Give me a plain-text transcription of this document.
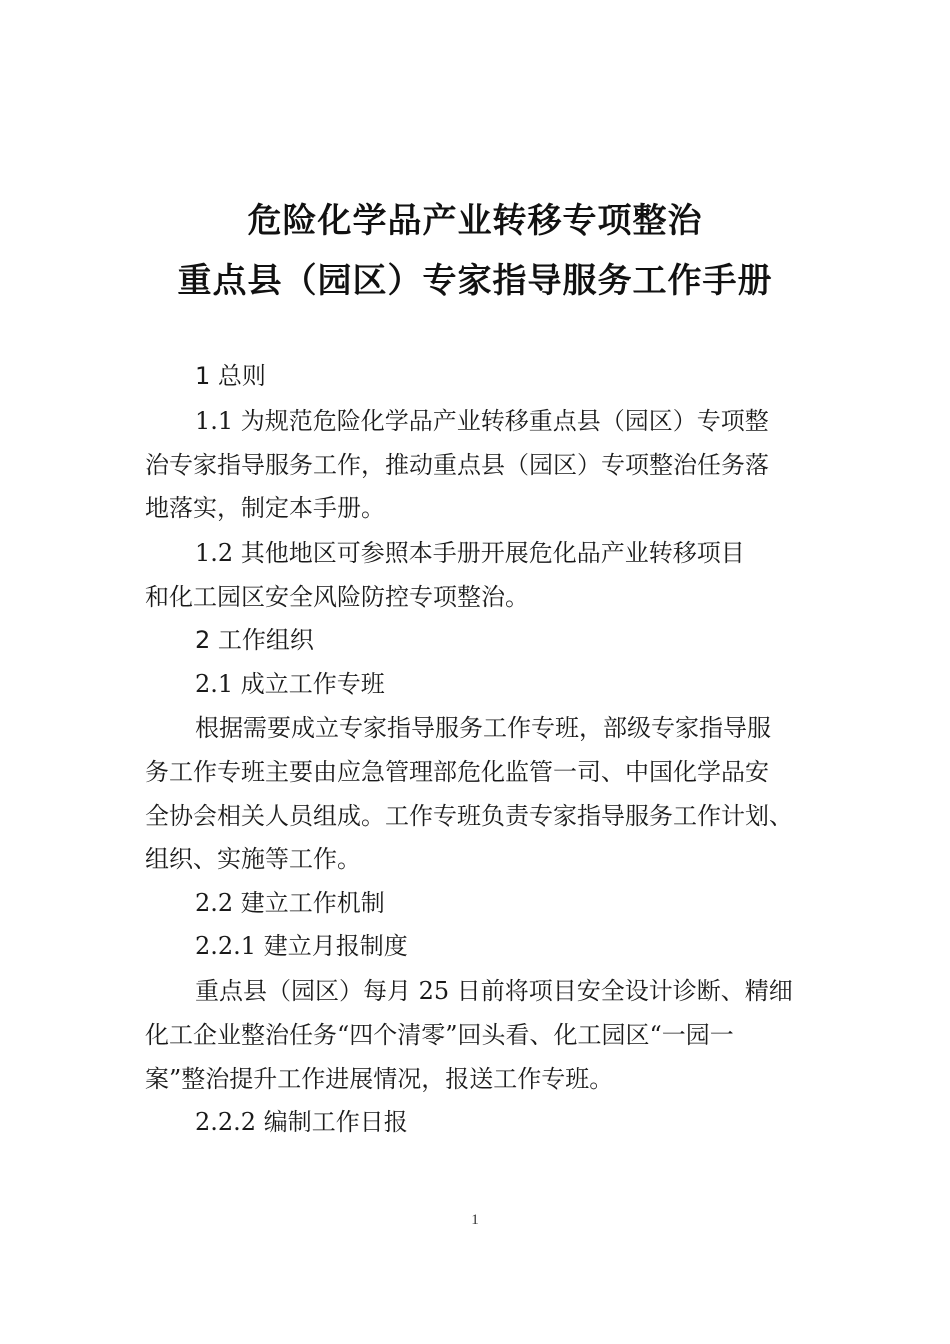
危险化学品产业转移专项整治
重点县（园区）专家指导服务工作手册
1 总则
1.1 为规范危险化学品产业转移重点县（园区）专项整
治专家指导服务工作，推动重点县（园区）专项整治任务落
地落实，制定本手册。
1.2 其他地区可参照本手册开展危化品产业转移项目
和化工园区安全风险防控专项整治。
2 工作组织
2.1 成立工作专班
根据需要成立专家指导服务工作专班，部级专家指导服
务工作专班主要由应急管理部危化监管一司、中国化学品安
全协会相关人员组成。工作专班负责专家指导服务工作计划、
组织、实施等工作。
2.2 建立工作机制
2.2.1 建立月报制度
重点县（园区）每月 25 日前将项目安全设计诊断、精细
化工企业整治任务“四个清零”回头看、化工园区“一园一
案”整治提升工作进展情况，报送工作专班。
2.2.2 编制工作日报
1
